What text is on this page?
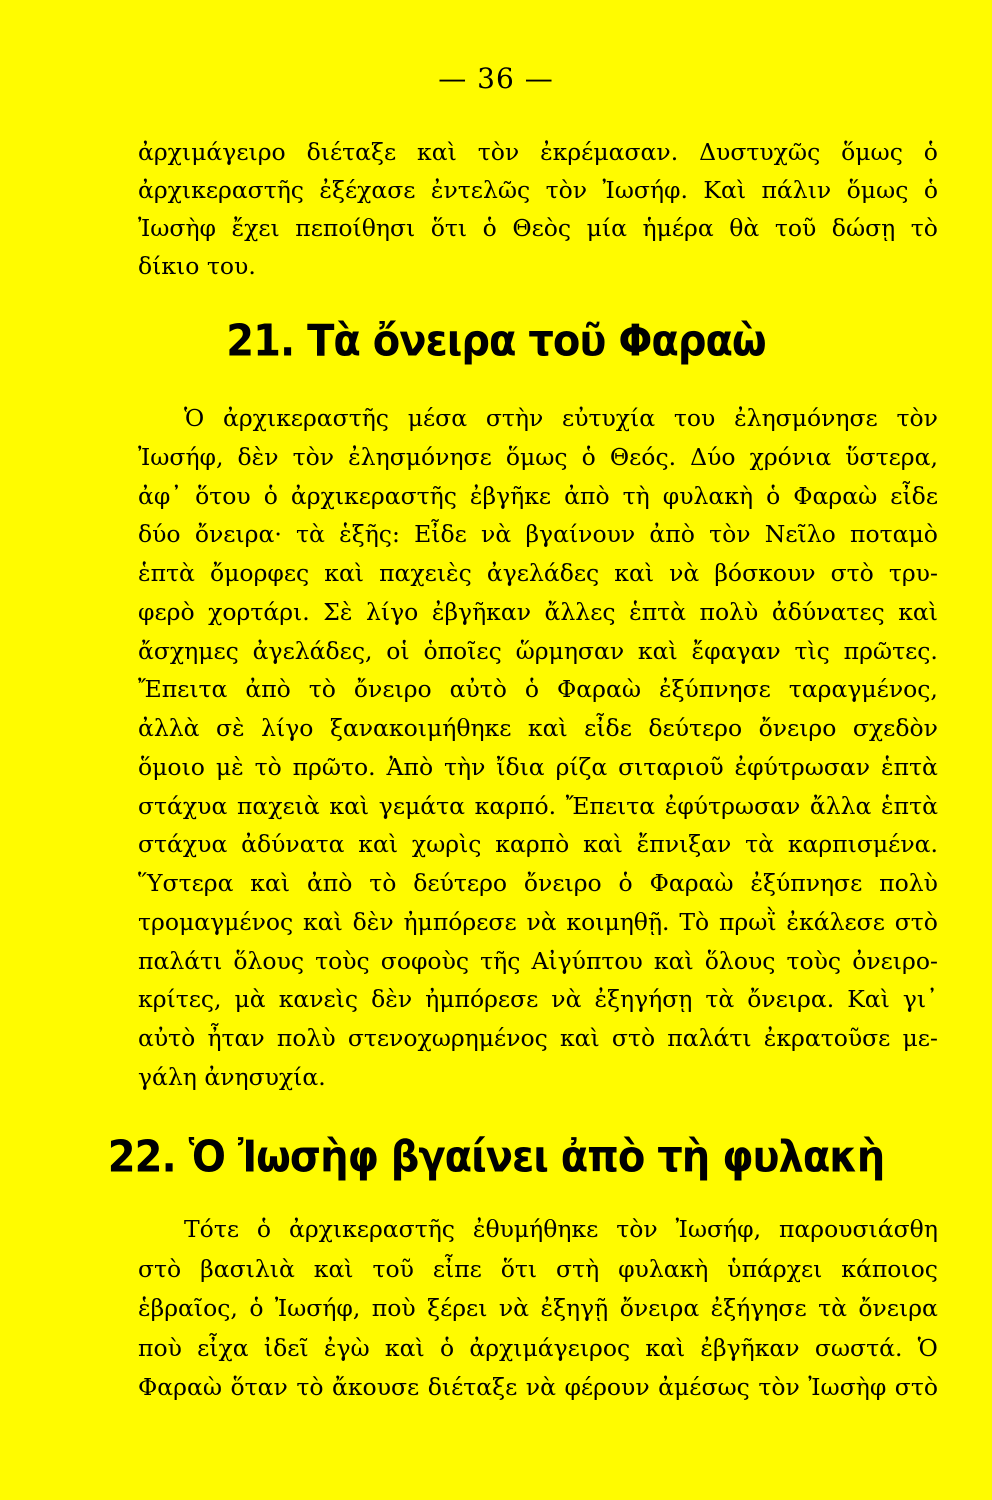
— 36 —
ἀρχιμάγειρο διέταξε καὶ τὸν ἐκρέμασαν. Δυστυχῶς ὅμως ὁ
ἀρχικεραστῆς ἐξέχασε ἐντελῶς τὸν Ἰωσήφ. Καὶ πάλιν ὅμως ὁ
Ἰωσὴφ ἔχει πεποίθησι ὅτι ὁ Θεὸς μία ἡμέρα θὰ τοῦ δώσῃ τὸ
δίκιο του.
21. Τὰ ὄνειρα τοῦ Φαραὼ
Ὁ ἀρχικεραστῆς μέσα στὴν εὐτυχία του ἐλησμόνησε τὸν
Ἰωσήφ, δὲν τὸν ἐλησμόνησε ὅμως ὁ Θεός. Δύο χρόνια ὕστερα,
ἀφ᾽ ὅτου ὁ ἀρχικεραστῆς ἐβγῆκε ἀπὸ τὴ φυλακὴ ὁ Φαραὼ εἶδε
δύο ὄνειρα· τὰ ἑξῆς: Εἶδε νὰ βγαίνουν ἀπὸ τὸν Νεῖλο ποταμὸ
ἑπτὰ ὄμορφες καὶ παχειὲς ἀγελάδες καὶ νὰ βόσκουν στὸ τρυ-
φερὸ χορτάρι. Σὲ λίγο ἐβγῆκαν ἄλλες ἑπτὰ πολὺ ἀδύνατες καὶ
ἄσχημες ἀγελάδες, οἱ ὁποῖες ὥρμησαν καὶ ἔφαγαν τὶς πρῶτες.
Ἔπειτα ἀπὸ τὸ ὄνειρο αὐτὸ ὁ Φαραὼ ἐξύπνησε ταραγμένος,
ἀλλὰ σὲ λίγο ξανακοιμήθηκε καὶ εἶδε δεύτερο ὄνειρο σχεδὸν
ὅμοιο μὲ τὸ πρῶτο. Ἀπὸ τὴν ἴδια ρίζα σιταριοῦ ἐφύτρωσαν ἑπτὰ
στάχυα παχειὰ καὶ γεμάτα καρπό. Ἔπειτα ἐφύτρωσαν ἄλλα ἑπτὰ
στάχυα ἀδύνατα καὶ χωρὶς καρπὸ καὶ ἔπνιξαν τὰ καρπισμένα.
Ὕστερα καὶ ἀπὸ τὸ δεύτερο ὄνειρο ὁ Φαραὼ ἐξύπνησε πολὺ
τρομαγμένος καὶ δὲν ἠμπόρεσε νὰ κοιμηθῇ. Τὸ πρωῒ ἐκάλεσε στὸ
παλάτι ὅλους τοὺς σοφοὺς τῆς Αἰγύπτου καὶ ὅλους τοὺς ὀνειρο-
κρίτες, μὰ κανεὶς δὲν ἠμπόρεσε νὰ ἐξηγήσῃ τὰ ὄνειρα. Καὶ γι᾽
αὐτὸ ἦταν πολὺ στενοχωρημένος καὶ στὸ παλάτι ἐκρατοῦσε με-
γάλη ἀνησυχία.
22. Ὁ Ἰωσὴφ βγαίνει ἀπὸ τὴ φυλακὴ
Τότε ὁ ἀρχικεραστῆς ἐθυμήθηκε τὸν Ἰωσήφ, παρουσιάσθη
στὸ βασιλιὰ καὶ τοῦ εἶπε ὅτι στὴ φυλακὴ ὑπάρχει κάποιος
ἑβραῖος, ὁ Ἰωσήφ, ποὺ ξέρει νὰ ἐξηγῇ ὄνειρα ἐξήγησε τὰ ὄνειρα
ποὺ εἶχα ἰδεῖ ἐγὼ καὶ ὁ ἀρχιμάγειρος καὶ ἐβγῆκαν σωστά. Ὁ
Φαραὼ ὅταν τὸ ἄκουσε διέταξε νὰ φέρουν ἀμέσως τὸν Ἰωσὴφ στὸ
